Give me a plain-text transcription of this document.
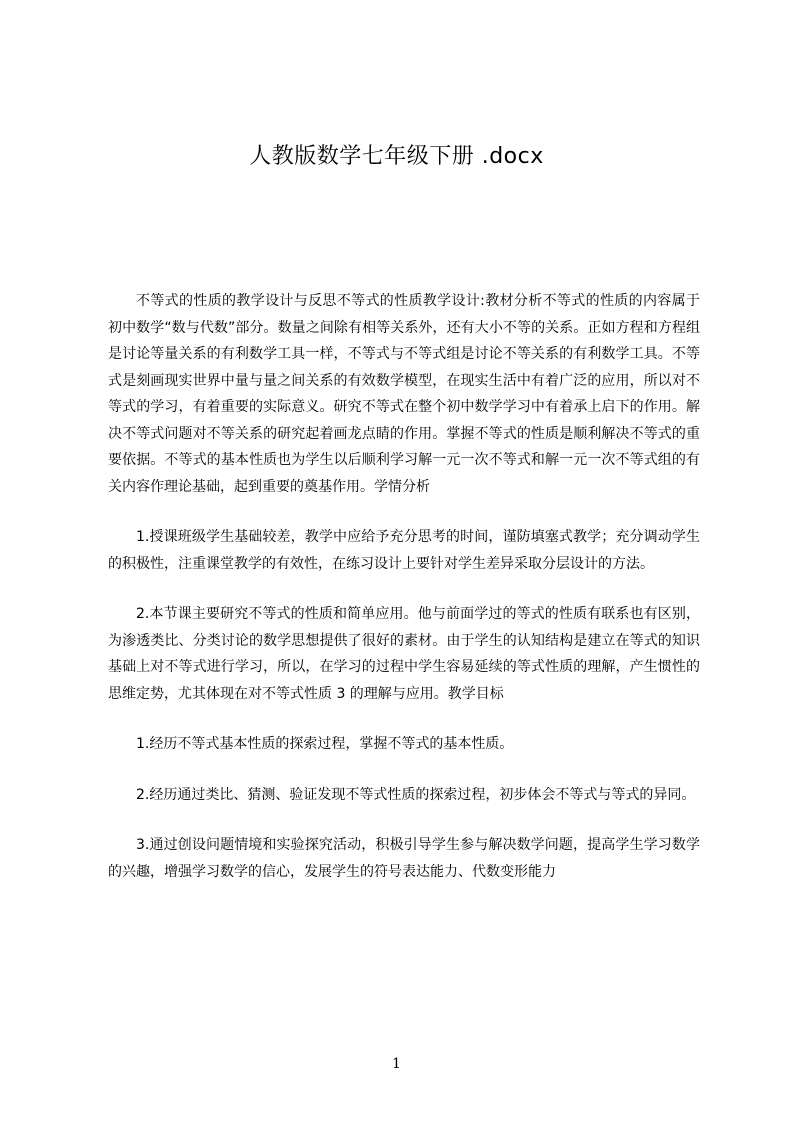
人教版数学七年级下册 .docx

不等式的性质的教学设计与反思不等式的性质教学设计:教材分析不等式的性质的内容属于初中数学“数与代数”部分。数量之间除有相等关系外，还有大小不等的关系。正如方程和方程组是讨论等量关系的有利数学工具一样，不等式与不等式组是讨论不等关系的有利数学工具。不等式是刻画现实世界中量与量之间关系的有效数学模型，在现实生活中有着广泛的应用，所以对不等式的学习，有着重要的实际意义。研究不等式在整个初中数学学习中有着承上启下的作用。解决不等式问题对不等关系的研究起着画龙点睛的作用。掌握不等式的性质是顺利解决不等式的重要依据。不等式的基本性质也为学生以后顺利学习解一元一次不等式和解一元一次不等式组的有关内容作理论基础，起到重要的奠基作用。学情分析

1.授课班级学生基础较差，教学中应给予充分思考的时间，谨防填塞式教学；充分调动学生的积极性，注重课堂教学的有效性，在练习设计上要针对学生差异采取分层设计的方法。

2.本节课主要研究不等式的性质和简单应用。他与前面学过的等式的性质有联系也有区别，为渗透类比、分类讨论的数学思想提供了很好的素材。由于学生的认知结构是建立在等式的知识基础上对不等式进行学习，所以，在学习的过程中学生容易延续的等式性质的理解，产生惯性的思维定势，尤其体现在对不等式性质 3 的理解与应用。教学目标

1.经历不等式基本性质的探索过程，掌握不等式的基本性质。

2.经历通过类比、猜测、验证发现不等式性质的探索过程，初步体会不等式与等式的异同。

3.通过创设问题情境和实验探究活动，积极引导学生参与解决数学问题，提高学生学习数学的兴趣，增强学习数学的信心，发展学生的符号表达能力、代数变形能力

1
